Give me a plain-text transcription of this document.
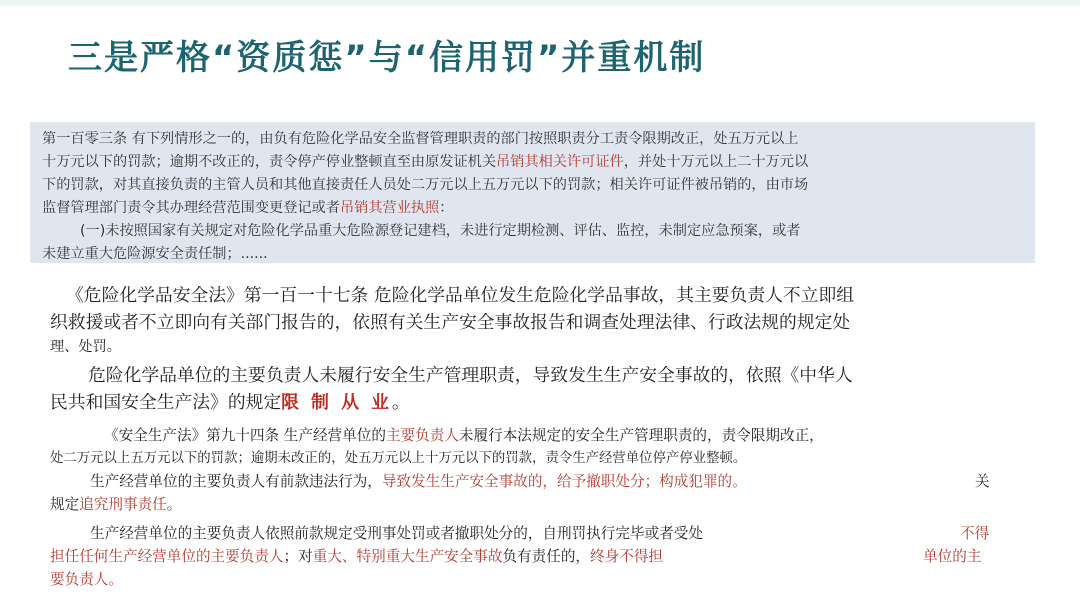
三是严格“资质惩”与“信用罚”并重机制

第一百零三条 有下列情形之一的，由负有危险化学品安全监督管理职责的部门按照职责分工责令限期改正，处五万元以上

十万元以下的罚款；逾期不改正的，责令停产停业整顿直至由原发证机关吊销其相关许可证件，并处十万元以上二十万元以

下的罚款，对其直接负责的主管人员和其他直接责任人员处二万元以上五万元以下的罚款；相关许可证件被吊销的，由市场

监督管理部门责令其办理经营范围变更登记或者吊销其营业执照：

(一)未按照国家有关规定对危险化学品重大危险源登记建档，未进行定期检测、评估、监控，未制定应急预案，或者

未建立重大危险源安全责任制；......

《危险化学品安全法》第一百一十七条 危险化学品单位发生危险化学品事故，其主要负责人不立即组
织救援或者不立即向有关部门报告的，依照有关生产安全事故报告和调查处理法律、行政法规的规定处
理、处罚。
危险化学品单位的主要负责人未履行安全生产管理职责，导致发生生产安全事故的，依照《中华人
民共和国安全生产法》的规定限 制 从 业。
《安全生产法》第九十四条 生产经营单位的主要负责人未履行本法规定的安全生产管理职责的，责令限期改正，
处二万元以上五万元以下的罚款；逾期未改正的，处五万元以上十万元以下的罚款，责令生产经营单位停产停业整顿。
生产经营单位的主要负责人有前款违法行为，导致发生生产安全事故的，给予撤职处分；构成犯罪的。	关
规定追究刑事责任。
生产经营单位的主要负责人依照前款规定受刑事处罚或者撤职处分的，自刑罚执行完毕或者受处	不得
担任任何生产经营单位的主要负责人；对重大、特别重大生产安全事故负有责任的，终身不得担	单位的主
要负责人。
